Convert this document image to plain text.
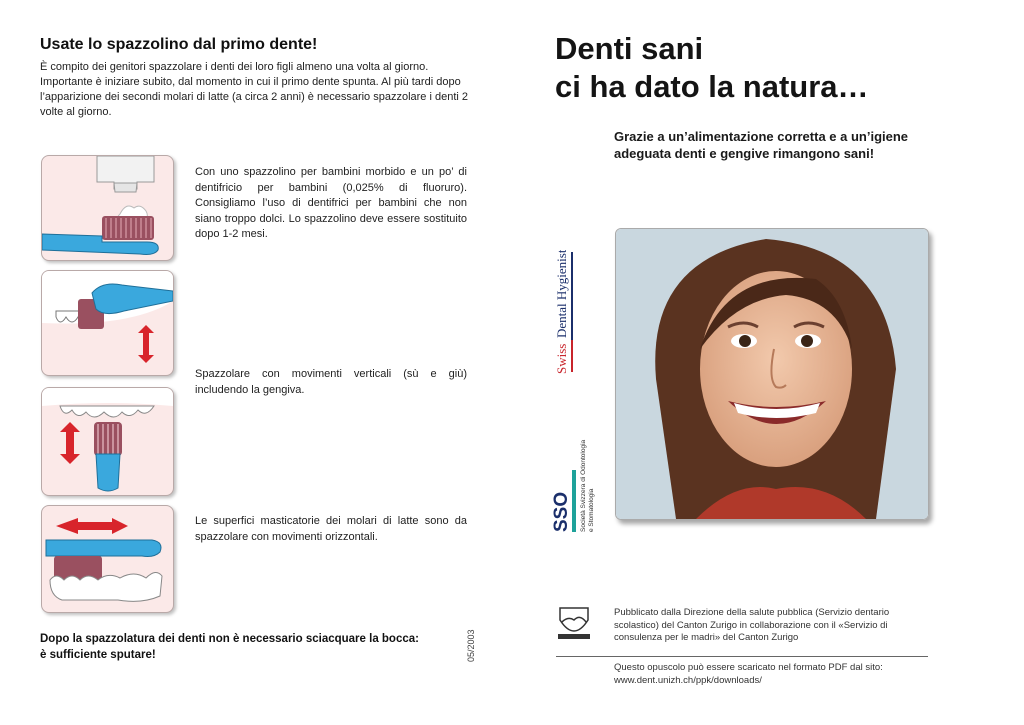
Usate lo spazzolino dal primo dente!
È compito dei genitori spazzolare i denti dei loro figli almeno una volta al giorno. Importante è iniziare subito, dal momento in cui il primo dente spunta. Al più tardi dopo l’apparizione dei secondi molari di latte (a circa 2 anni) è necessario spazzolare i denti 2 volte al giorno.
Con uno spazzolino per bambini morbido e un po’ di dentifricio per bambini (0,025% di fluoruro). Consigliamo l’uso di dentifrici per bambini che non siano troppo dolci. Lo spazzolino deve essere sostituito dopo 1-2 mesi.
Spazzolare con movimenti verticali (sù e giù) includendo la gengiva.
Le superfici masticatorie dei molari di latte sono da spazzolare con movimenti orizzontali.
Dopo la spazzolatura dei denti non è necessario sciacquare la bocca:
è sufficiente sputare!	05/2003
Denti sani
ci ha dato la natura…
Grazie a un’alimentazione corretta e a un’igiene adeguata denti e gengive rimangono sani!
Swiss
Dental Hygienists
SSO Società Svizzera di Odontologia e Stomatologia
Pubblicato dalla Direzione della salute pubblica (Servizio dentario scolastico) del Canton Zurigo in collaborazione con il «Servizio di consulenza per le madri» del Canton Zurigo
Questo opuscolo può essere scaricato nel formato PDF dal sito:
www.dent.unizh.ch/ppk/downloads/
